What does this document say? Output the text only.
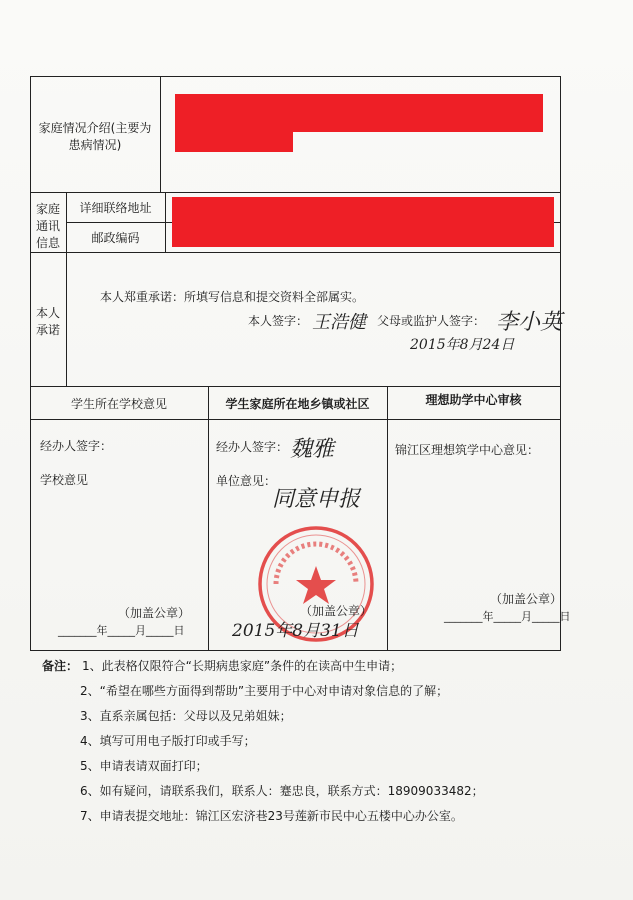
家庭情况介绍(主要为
患病情况)
家庭
通讯
信息
详细联络地址
邮政编码
本人
承诺
本人郑重承诺：所填写信息和提交资料全部属实。
本人签字： 王浩健 父母或监护人签字： 李小英
2015年8月24日
学生所在学校意见	学生家庭所在地乡镇或社区	理想助学中心审核
经办人签字：
学校意见
（加盖公章）
_______年_____月_____日
经办人签字： 魏雅
单位意见：
同意申报
（加盖公章）
2015年8月31日
锦江区理想筑学中心意见：
（加盖公章）
_______年_____月_____日
备注： 1、此表格仅限符合“长期病患家庭”条件的在读高中生申请；
2、“希望在哪些方面得到帮助”主要用于中心对申请对象信息的了解；
3、直系亲属包括：父母以及兄弟姐妹；
4、填写可用电子版打印或手写；
5、申请表请双面打印；
6、如有疑问，请联系我们，联系人：蹇忠良，联系方式：18909033482；
7、申请表提交地址：锦江区宏济巷23号莲新市民中心五楼中心办公室。
